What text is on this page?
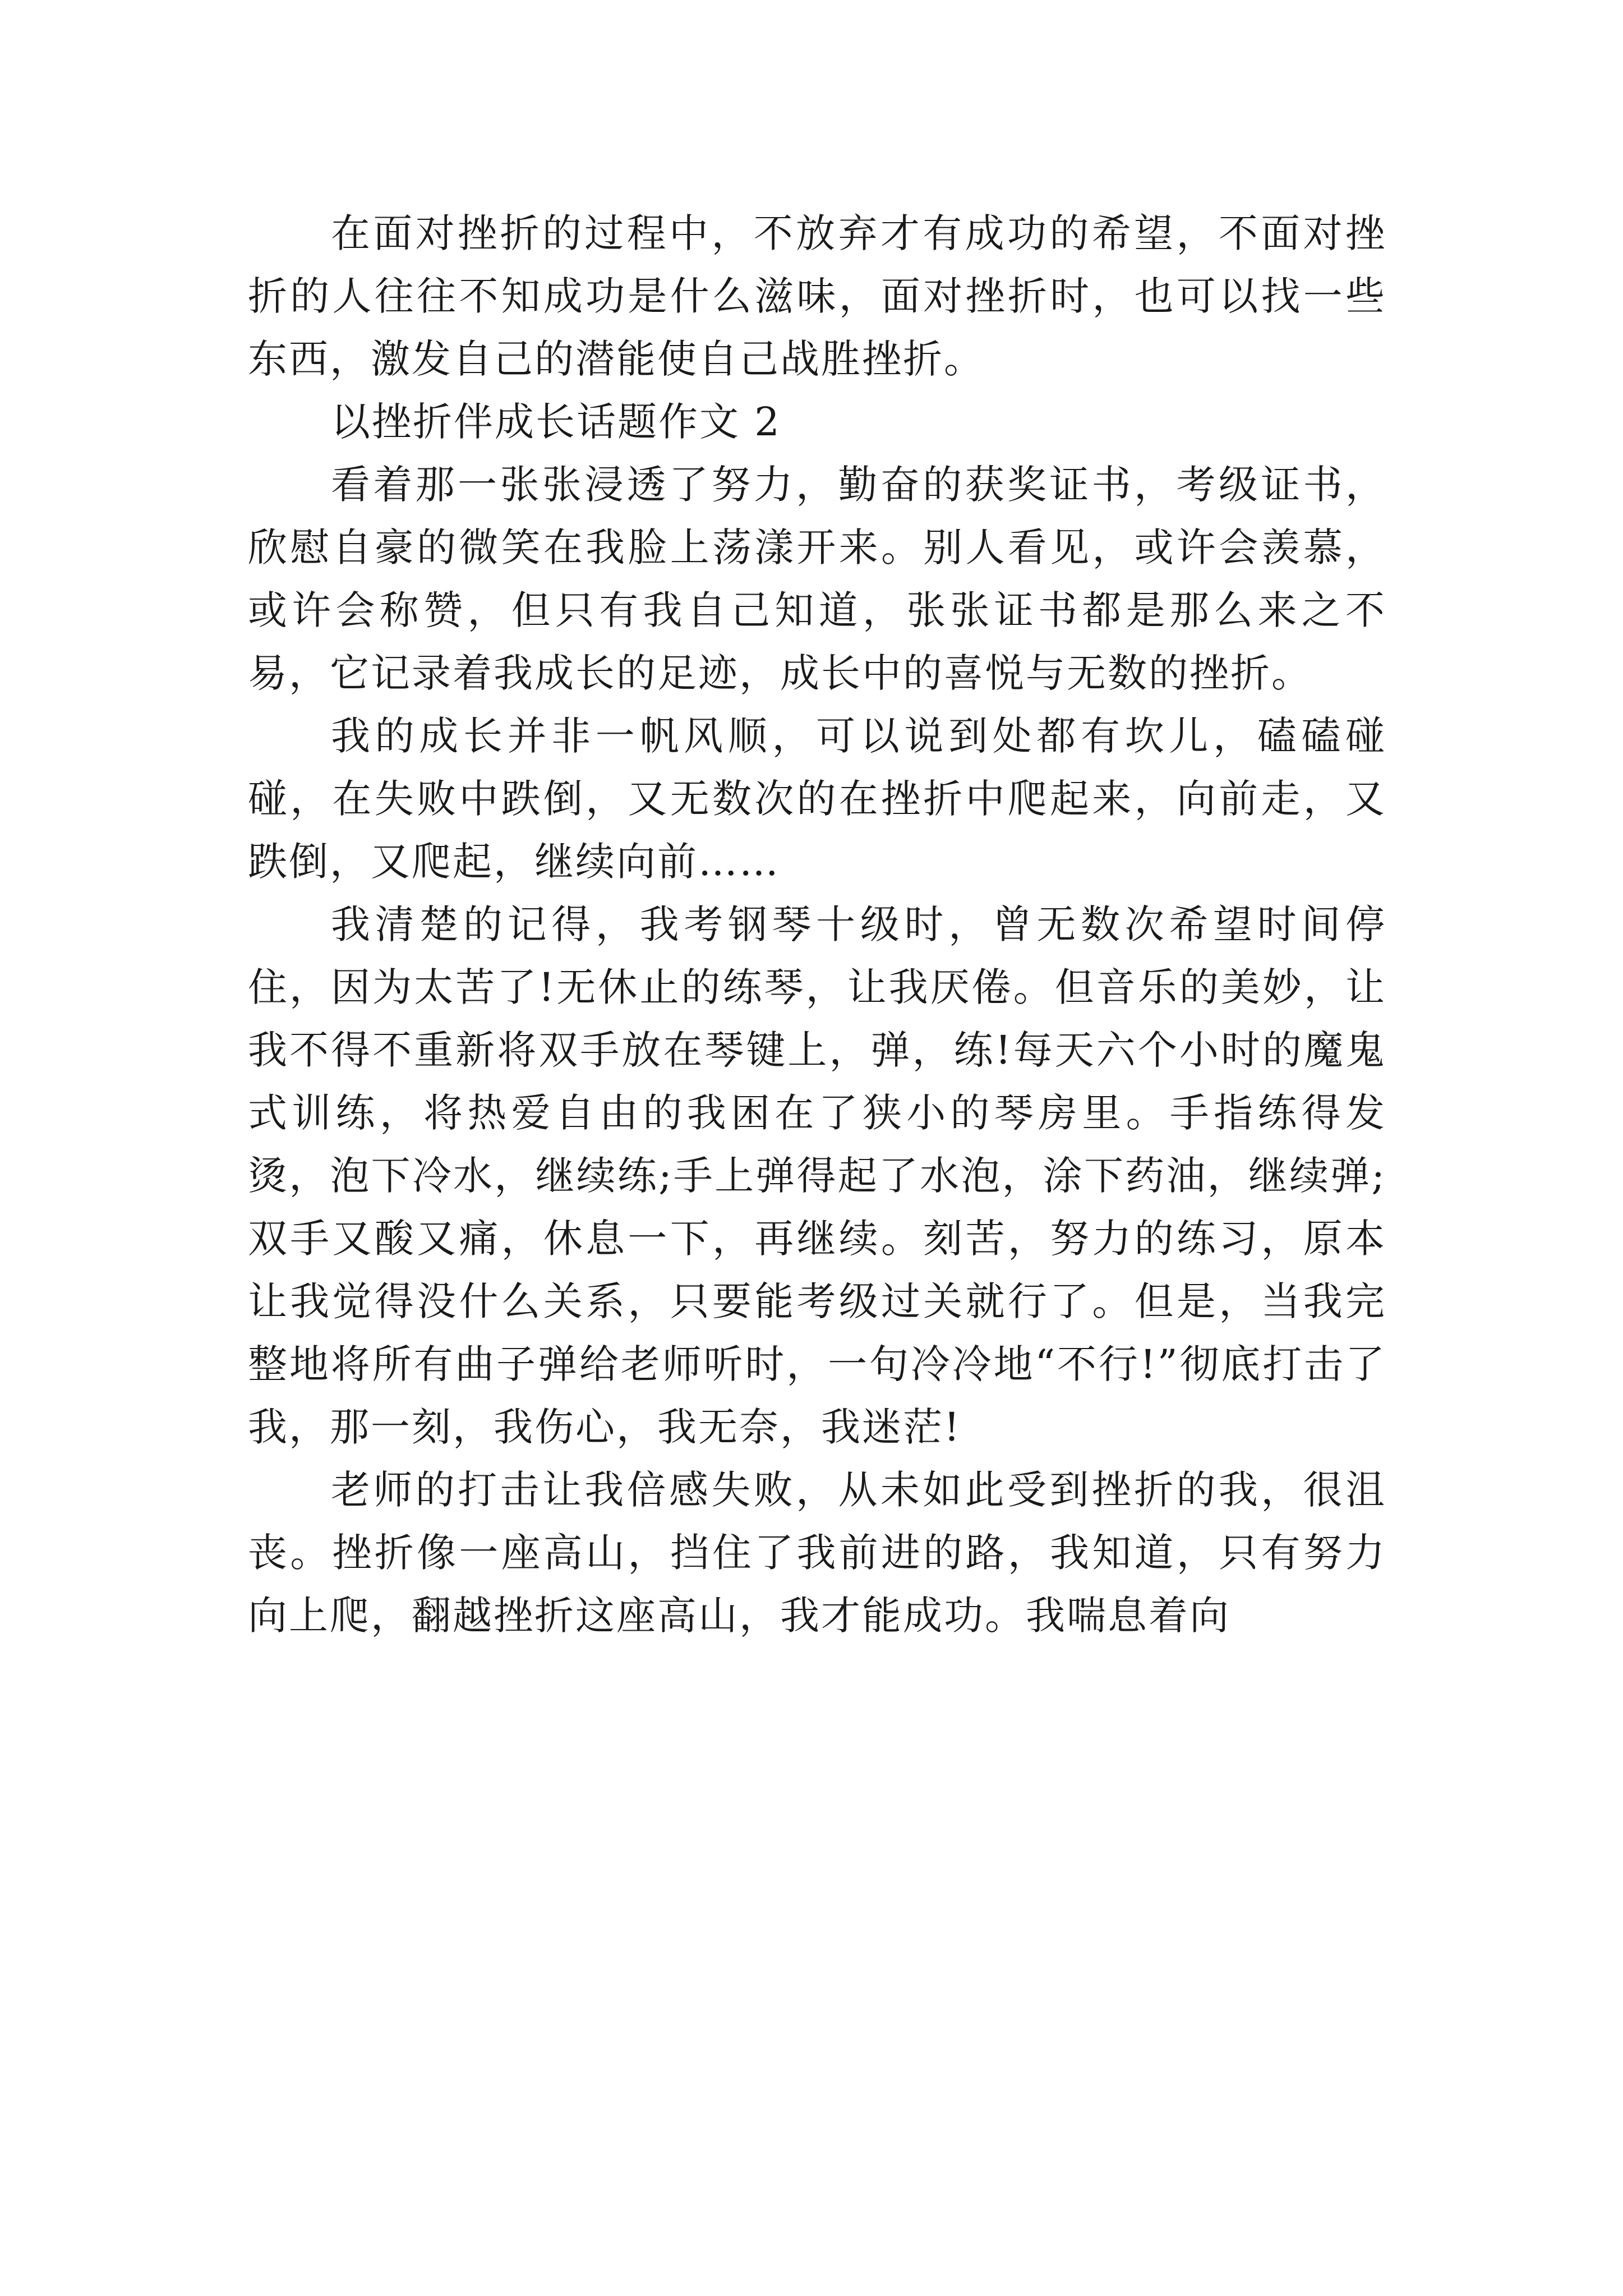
在面对挫折的过程中，不放弃才有成功的希望，不面对挫折的人往往不知成功是什么滋味，面对挫折时，也可以找一些东西，激发自己的潜能使自己战胜挫折。

以挫折伴成长话题作文 2

看着那一张张浸透了努力，勤奋的获奖证书，考级证书，欣慰自豪的微笑在我脸上荡漾开来。别人看见，或许会羡慕，或许会称赞，但只有我自己知道，张张证书都是那么来之不易，它记录着我成长的足迹，成长中的喜悦与无数的挫折。

我的成长并非一帆风顺，可以说到处都有坎儿，磕磕碰碰，在失败中跌倒，又无数次的在挫折中爬起来，向前走，又跌倒，又爬起，继续向前……

我清楚的记得，我考钢琴十级时，曾无数次希望时间停住，因为太苦了!无休止的练琴，让我厌倦。但音乐的美妙，让我不得不重新将双手放在琴键上，弹，练!每天六个小时的魔鬼式训练，将热爱自由的我困在了狭小的琴房里。手指练得发烫，泡下冷水，继续练;手上弹得起了水泡，涂下药油，继续弹;双手又酸又痛，休息一下，再继续。刻苦，努力的练习，原本让我觉得没什么关系，只要能考级过关就行了。但是，当我完整地将所有曲子弹给老师听时，一句冷冷地“不行!”彻底打击了我，那一刻，我伤心，我无奈，我迷茫!

老师的打击让我倍感失败，从未如此受到挫折的我，很沮丧。挫折像一座高山，挡住了我前进的路，我知道，只有努力向上爬，翻越挫折这座高山，我才能成功。我喘息着向
